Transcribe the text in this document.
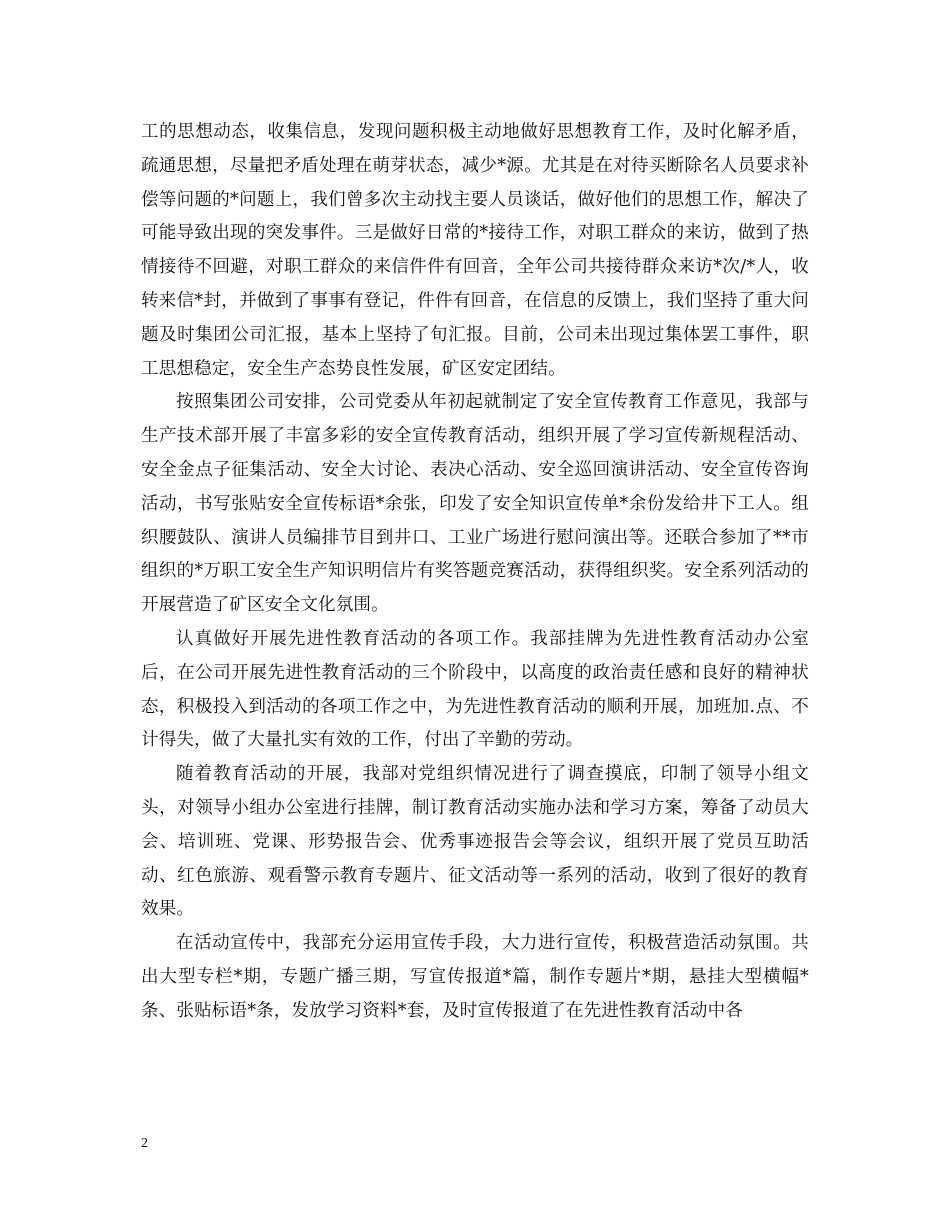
工的思想动态，收集信息，发现问题积极主动地做好思想教育工作，及时化解矛盾，疏通思想，尽量把矛盾处理在萌芽状态，减少*源。尤其是在对待买断除名人员要求补偿等问题的*问题上，我们曾多次主动找主要人员谈话，做好他们的思想工作，解决了可能导致出现的突发事件。三是做好日常的*接待工作，对职工群众的来访，做到了热情接待不回避，对职工群众的来信件件有回音，全年公司共接待群众来访*次/*人，收转来信*封，并做到了事事有登记，件件有回音，在信息的反馈上，我们坚持了重大问题及时集团公司汇报，基本上坚持了旬汇报。目前，公司未出现过集体罢工事件，职工思想稳定，安全生产态势良性发展，矿区安定团结。

按照集团公司安排，公司党委从年初起就制定了安全宣传教育工作意见，我部与生产技术部开展了丰富多彩的安全宣传教育活动，组织开展了学习宣传新规程活动、安全金点子征集活动、安全大讨论、表决心活动、安全巡回演讲活动、安全宣传咨询活动，书写张贴安全宣传标语*余张，印发了安全知识宣传单*余份发给井下工人。组织腰鼓队、演讲人员编排节目到井口、工业广场进行慰问演出等。还联合参加了**市组织的*万职工安全生产知识明信片有奖答题竞赛活动，获得组织奖。安全系列活动的开展营造了矿区安全文化氛围。

认真做好开展先进性教育活动的各项工作。我部挂牌为先进性教育活动办公室后，在公司开展先进性教育活动的三个阶段中，以高度的政治责任感和良好的精神状态，积极投入到活动的各项工作之中，为先进性教育活动的顺利开展，加班加.点、不计得失，做了大量扎实有效的工作，付出了辛勤的劳动。

随着教育活动的开展，我部对党组织情况进行了调查摸底，印制了领导小组文头，对领导小组办公室进行挂牌，制订教育活动实施办法和学习方案，筹备了动员大会、培训班、党课、形势报告会、优秀事迹报告会等会议，组织开展了党员互助活动、红色旅游、观看警示教育专题片、征文活动等一系列的活动，收到了很好的教育效果。

在活动宣传中，我部充分运用宣传手段，大力进行宣传，积极营造活动氛围。共出大型专栏*期，专题广播三期，写宣传报道*篇，制作专题片*期，悬挂大型横幅*条、张贴标语*条，发放学习资料*套，及时宣传报道了在先进性教育活动中各

2
